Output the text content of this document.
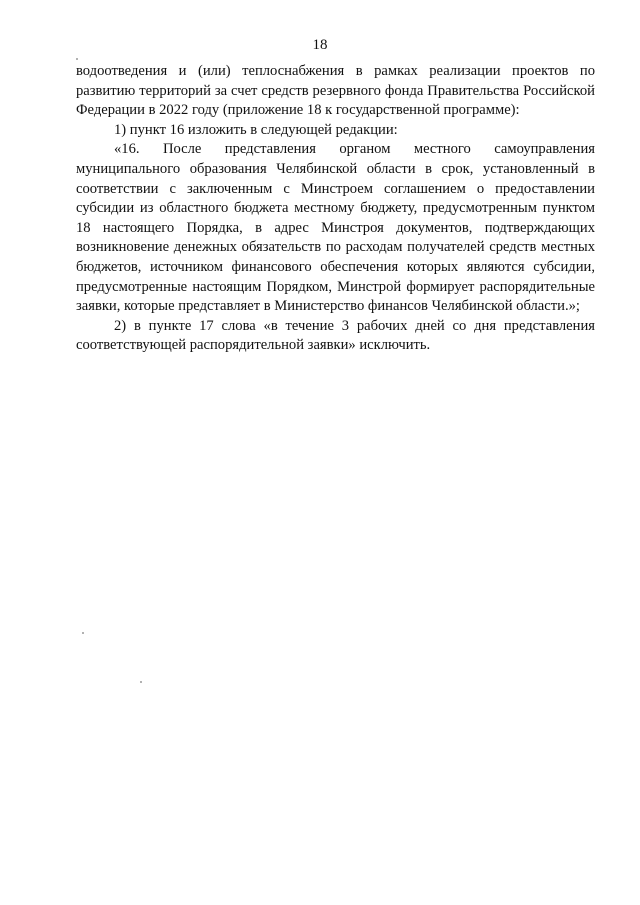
18

водоотведения и (или) теплоснабжения в рамках реализации проектов по развитию территорий за счет средств резервного фонда Правительства Российской Федерации в 2022 году (приложение 18 к государственной программе):

1) пункт 16 изложить в следующей редакции:

«16. После представления органом местного самоуправления муниципального образования Челябинской области в срок, установленный в соответствии с заключенным с Минстроем соглашением о предоставлении субсидии из областного бюджета местному бюджету, предусмотренным пунктом 18 настоящего Порядка, в адрес Минстроя документов, подтверждающих возникновение денежных обязательств по расходам получателей средств местных бюджетов, источником финансового обеспечения которых являются субсидии, предусмотренные настоящим Порядком, Минстрой формирует распорядительные заявки, которые представляет в Министерство финансов Челябинской области.»;

2) в пункте 17 слова «в течение 3 рабочих дней со дня представления соответствующей распорядительной заявки» исключить.
